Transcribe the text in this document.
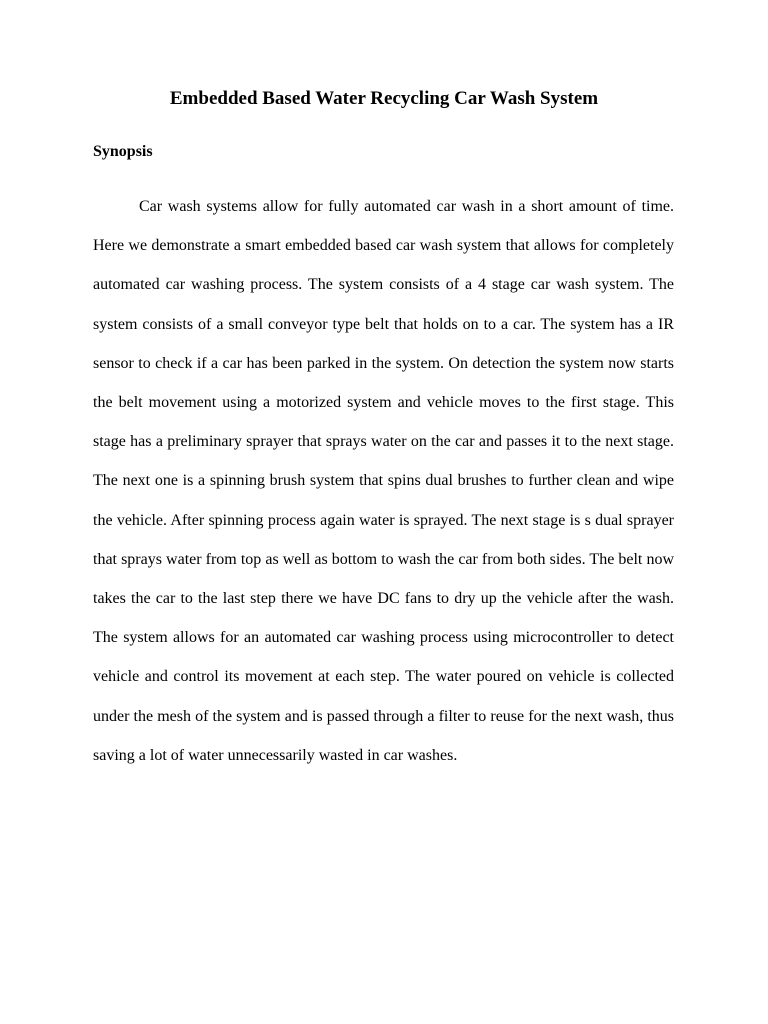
Embedded Based Water Recycling Car Wash System
Synopsis

Car wash systems allow for fully automated car wash in a short amount of time. Here we demonstrate a smart embedded based car wash system that allows for completely automated car washing process. The system consists of a 4 stage car wash system. The system consists of a small conveyor type belt that holds on to a car. The system has a IR sensor to check if a car has been parked in the system. On detection the system now starts the belt movement using a motorized system and vehicle moves to the first stage. This stage has a preliminary sprayer that sprays water on the car and passes it to the next stage. The next one is a spinning brush system that spins dual brushes to further clean and wipe the vehicle. After spinning process again water is sprayed. The next stage is s dual sprayer that sprays water from top as well as bottom to wash the car from both sides. The belt now takes the car to the last step there we have DC fans to dry up the vehicle after the wash. The system allows for an automated car washing process using microcontroller to detect vehicle and control its movement at each step. The water poured on vehicle is collected under the mesh of the system and is passed through a filter to reuse for the next wash, thus saving a lot of water unnecessarily wasted in car washes.
